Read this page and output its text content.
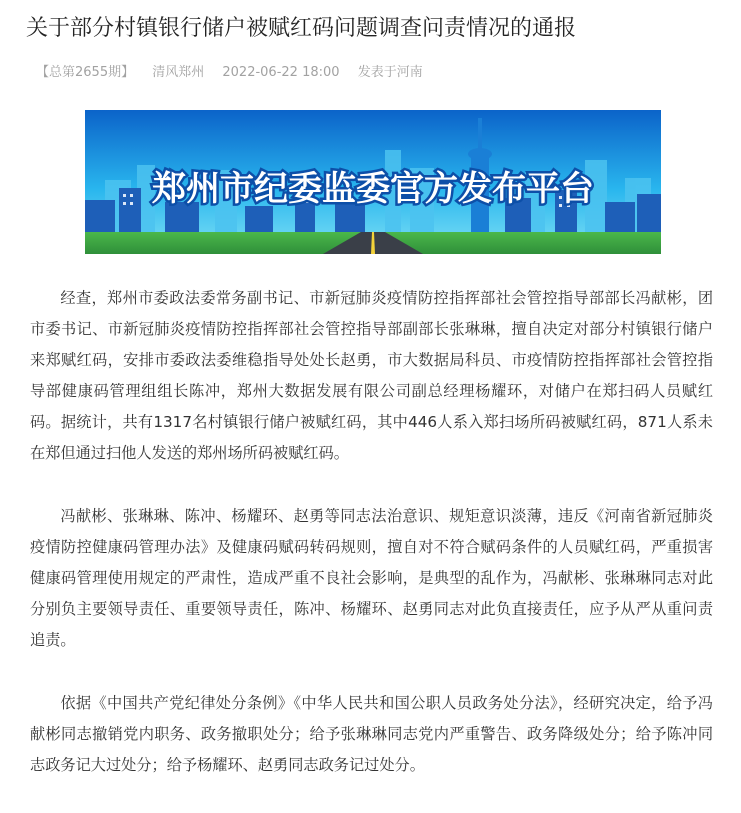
关于部分村镇银行储户被赋红码问题调查问责情况的通报
【总第2655期】 清风郑州 2022-06-22 18:00 发表于河南
郑州市纪委监委官方发布平台

经查，郑州市委政法委常务副书记、市新冠肺炎疫情防控指挥部社会管控指导部部长冯献彬，团市委书记、市新冠肺炎疫情防控指挥部社会管控指导部副部长张琳琳，擅自决定对部分村镇银行储户来郑赋红码，安排市委政法委维稳指导处处长赵勇，市大数据局科员、市疫情防控指挥部社会管控指导部健康码管理组组长陈冲，郑州大数据发展有限公司副总经理杨耀环，对储户在郑扫码人员赋红码。据统计，共有1317名村镇银行储户被赋红码，其中446人系入郑扫场所码被赋红码，871人系未在郑但通过扫他人发送的郑州场所码被赋红码。

冯献彬、张琳琳、陈冲、杨耀环、赵勇等同志法治意识、规矩意识淡薄，违反《河南省新冠肺炎疫情防控健康码管理办法》及健康码赋码转码规则，擅自对不符合赋码条件的人员赋红码，严重损害健康码管理使用规定的严肃性，造成严重不良社会影响，是典型的乱作为，冯献彬、张琳琳同志对此分别负主要领导责任、重要领导责任，陈冲、杨耀环、赵勇同志对此负直接责任，应予从严从重问责追责。

依据《中国共产党纪律处分条例》《中华人民共和国公职人员政务处分法》，经研究决定，给予冯献彬同志撤销党内职务、政务撤职处分；给予张琳琳同志党内严重警告、政务降级处分；给予陈冲同志政务记大过处分；给予杨耀环、赵勇同志政务记过处分。
